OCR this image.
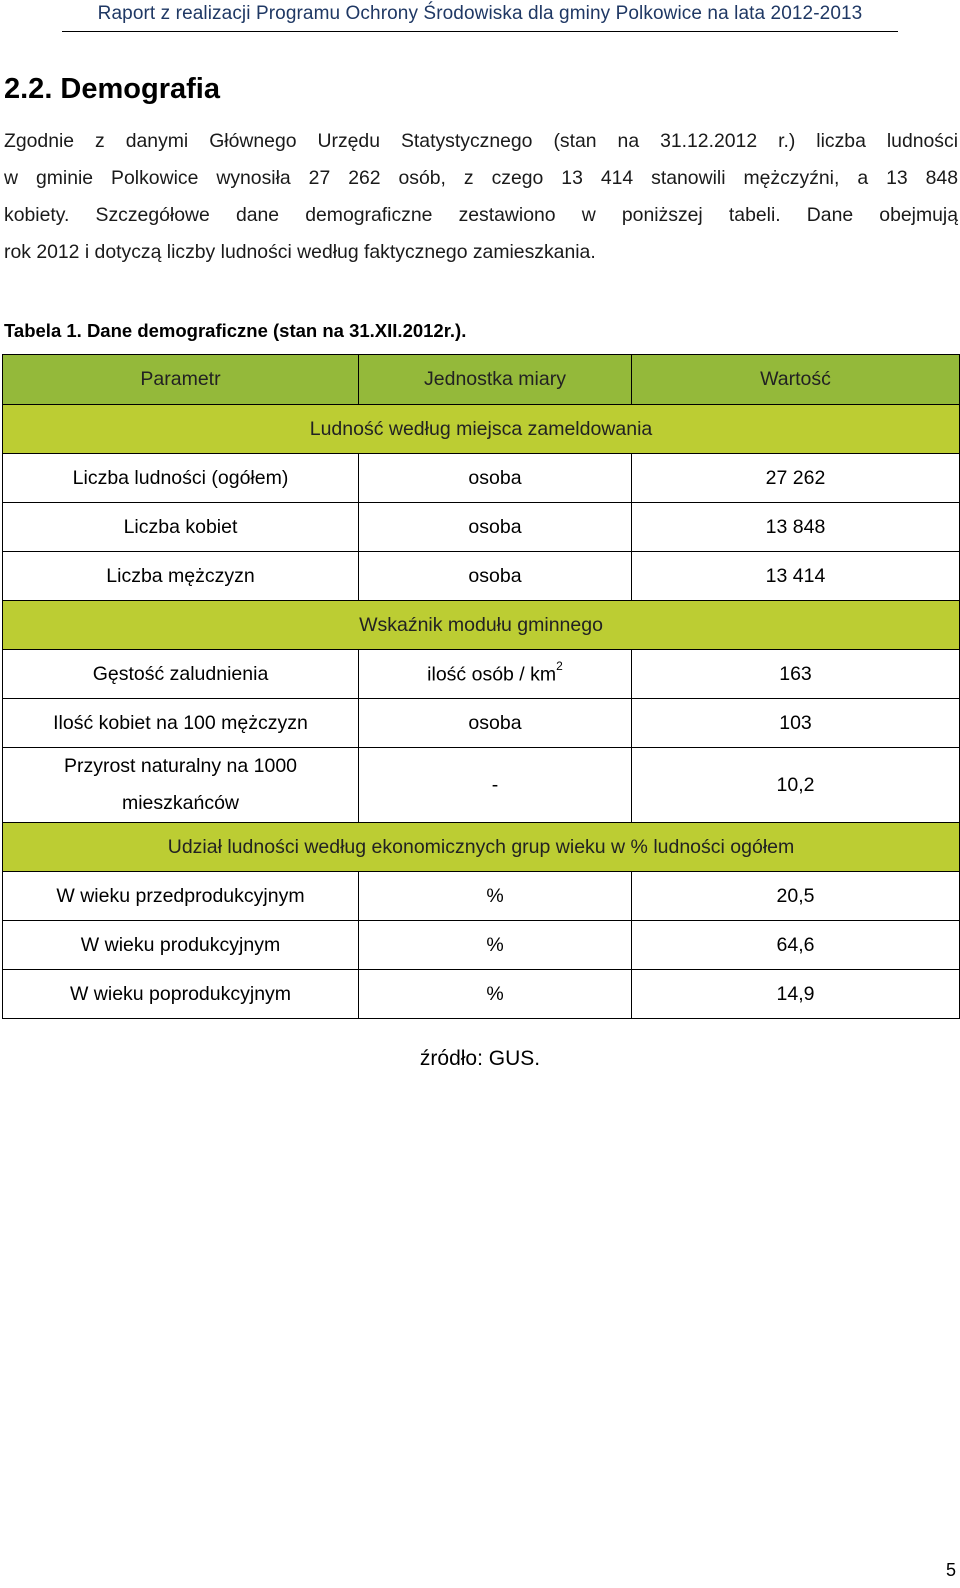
Raport z realizacji Programu Ochrony Środowiska dla gminy Polkowice na lata 2012-2013
2.2. Demografia

Zgodnie z danymi Głównego Urzędu Statystycznego (stan na 31.12.2012 r.) liczba ludności
w gminie Polkowice wynosiła 27 262 osób, z czego 13 414 stanowili mężczyźni, a 13 848
kobiety. Szczegółowe dane demograficzne zestawiono w poniższej tabeli. Dane obejmują
rok 2012 i dotyczą liczby ludności według faktycznego zamieszkania.

Tabela 1. Dane demograficzne (stan na 31.XII.2012r.).

Parametr	Jednostka miary	Wartość
Ludność według miejsca zameldowania		
Liczba ludności (ogółem)	osoba	27 262
Liczba kobiet	osoba	13 848
Liczba mężczyzn	osoba	13 414
Wskaźnik modułu gminnego		
Gęstość zaludnienia	ilość osób / $km^2$	163
Ilość kobiet na 100 mężczyzn	osoba	103
Przyrost naturalny na 1000
mieszkańców	-	10,2
Udział ludności według ekonomicznych grup wieku w % ludności ogółem		
W wieku przedprodukcyjnym	%	20,5
W wieku produkcyjnym	%	64,6
W wieku poprodukcyjnym	%	14,9

źródło: GUS.

5
